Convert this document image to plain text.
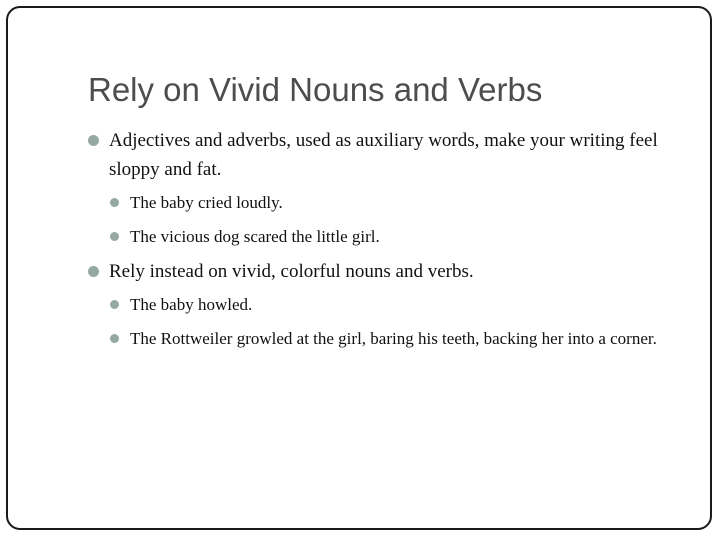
Rely on Vivid Nouns and Verbs
Adjectives and adverbs, used as auxiliary words, make your writing feel sloppy and fat.
The baby cried loudly.
The vicious dog scared the little girl.
Rely instead on vivid, colorful nouns and verbs.
The baby howled.
The Rottweiler growled at the girl, baring his teeth, backing her into a corner.
